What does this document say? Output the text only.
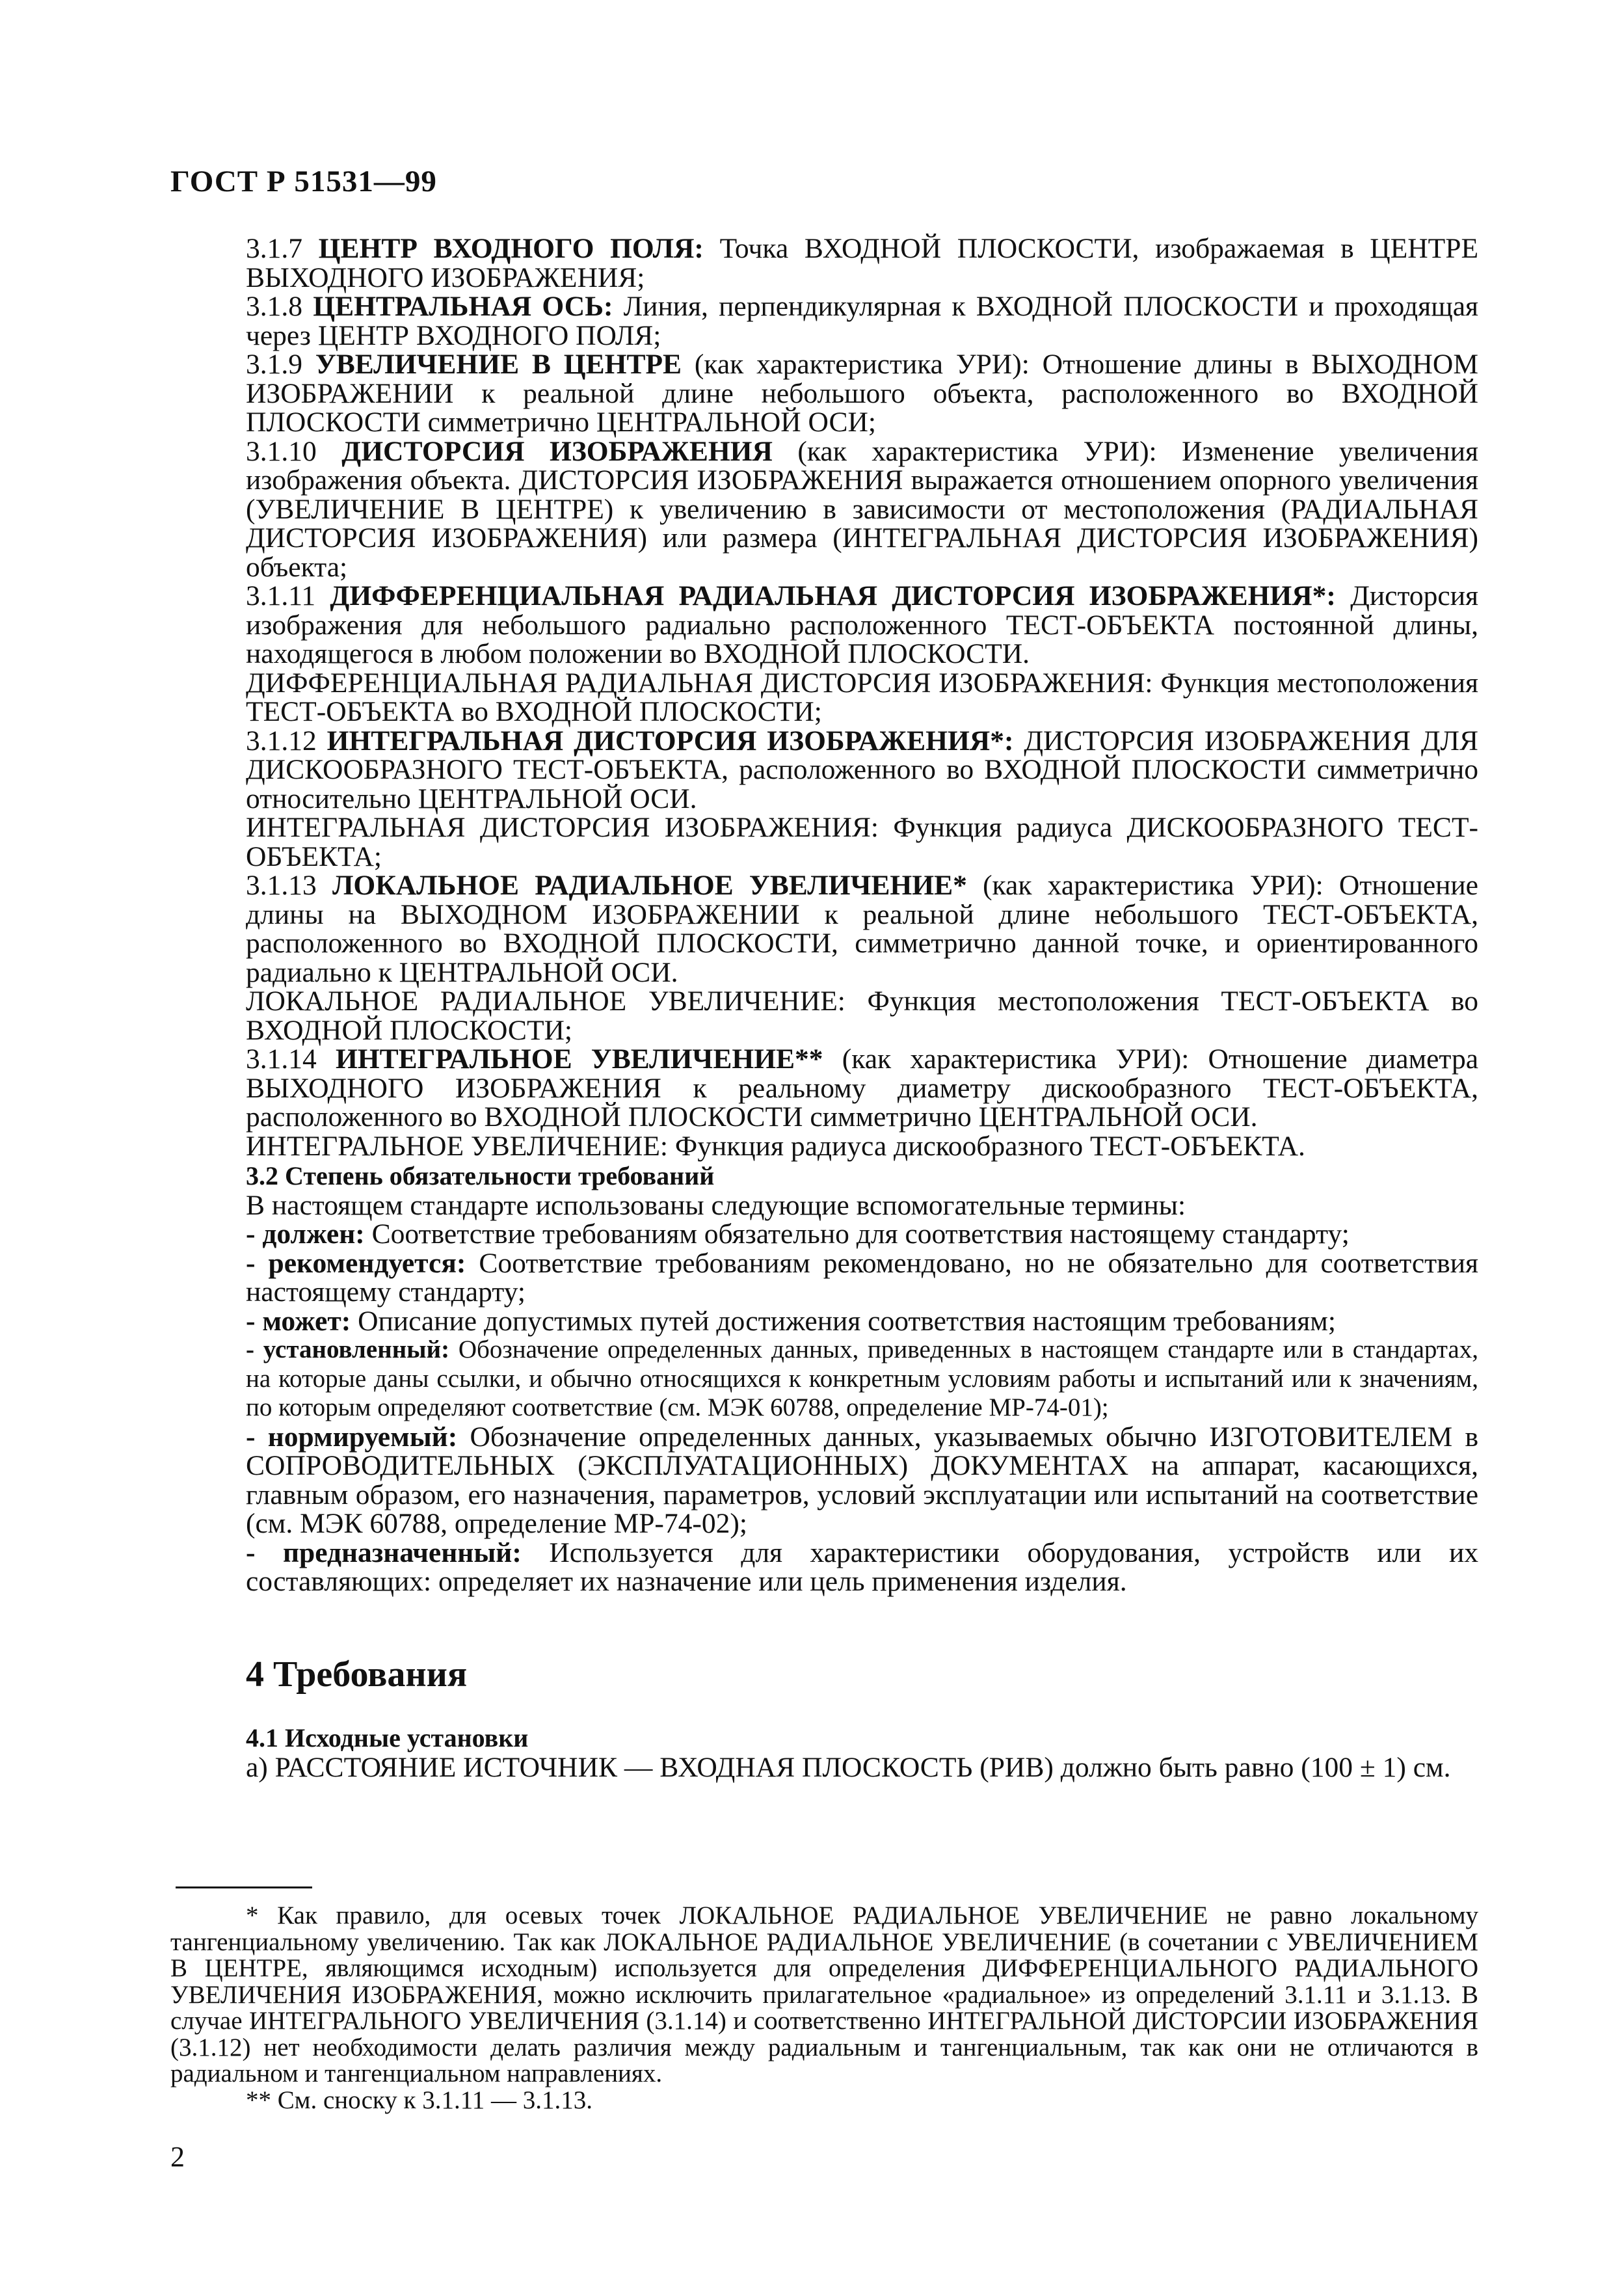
ГОСТ Р 51531—99

3.1.7 ЦЕНТР ВХОДНОГО ПОЛЯ: Точка ВХОДНОЙ ПЛОСКОСТИ, изображаемая в ЦЕНТРЕ ВЫХОДНОГО ИЗОБРАЖЕНИЯ;

3.1.8 ЦЕНТРАЛЬНАЯ ОСЬ: Линия, перпендикулярная к ВХОДНОЙ ПЛОСКОСТИ и проходящая через ЦЕНТР ВХОДНОГО ПОЛЯ;

3.1.9 УВЕЛИЧЕНИЕ В ЦЕНТРЕ (как характеристика УРИ): Отношение длины в ВЫХОДНОМ ИЗОБРАЖЕНИИ к реальной длине небольшого объекта, расположенного во ВХОДНОЙ ПЛОСКОСТИ симметрично ЦЕНТРАЛЬНОЙ ОСИ;

3.1.10 ДИСТОРСИЯ ИЗОБРАЖЕНИЯ (как характеристика УРИ): Изменение увеличения изображения объекта. ДИСТОРСИЯ ИЗОБРАЖЕНИЯ выражается отношением опорного увеличения (УВЕЛИЧЕНИЕ В ЦЕНТРЕ) к увеличению в зависимости от местоположения (РАДИАЛЬНАЯ ДИСТОРСИЯ ИЗОБРАЖЕНИЯ) или размера (ИНТЕГРАЛЬНАЯ ДИСТОРСИЯ ИЗОБРАЖЕНИЯ) объекта;

3.1.11 ДИФФЕРЕНЦИАЛЬНАЯ РАДИАЛЬНАЯ ДИСТОРСИЯ ИЗОБРАЖЕНИЯ*: Дисторсия изображения для небольшого радиально расположенного ТЕСТ-ОБЪЕКТА постоянной длины, находящегося в любом положении во ВХОДНОЙ ПЛОСКОСТИ.

ДИФФЕРЕНЦИАЛЬНАЯ РАДИАЛЬНАЯ ДИСТОРСИЯ ИЗОБРАЖЕНИЯ: Функция местоположения ТЕСТ-ОБЪЕКТА во ВХОДНОЙ ПЛОСКОСТИ;

3.1.12 ИНТЕГРАЛЬНАЯ ДИСТОРСИЯ ИЗОБРАЖЕНИЯ*: ДИСТОРСИЯ ИЗОБРАЖЕНИЯ ДЛЯ ДИСКООБРАЗНОГО ТЕСТ-ОБЪЕКТА, расположенного во ВХОДНОЙ ПЛОСКОСТИ симметрично относительно ЦЕНТРАЛЬНОЙ ОСИ.

ИНТЕГРАЛЬНАЯ ДИСТОРСИЯ ИЗОБРАЖЕНИЯ: Функция радиуса ДИСКООБРАЗНОГО ТЕСТ-ОБЪЕКТА;

3.1.13 ЛОКАЛЬНОЕ РАДИАЛЬНОЕ УВЕЛИЧЕНИЕ* (как характеристика УРИ): Отношение длины на ВЫХОДНОМ ИЗОБРАЖЕНИИ к реальной длине небольшого ТЕСТ-ОБЪЕКТА, расположенного во ВХОДНОЙ ПЛОСКОСТИ, симметрично данной точке, и ориентированного радиально к ЦЕНТРАЛЬНОЙ ОСИ.

ЛОКАЛЬНОЕ РАДИАЛЬНОЕ УВЕЛИЧЕНИЕ: Функция местоположения ТЕСТ-ОБЪЕКТА во ВХОДНОЙ ПЛОСКОСТИ;

3.1.14 ИНТЕГРАЛЬНОЕ УВЕЛИЧЕНИЕ** (как характеристика УРИ): Отношение диаметра ВЫХОДНОГО ИЗОБРАЖЕНИЯ к реальному диаметру дискообразного ТЕСТ-ОБЪЕКТА, расположенного во ВХОДНОЙ ПЛОСКОСТИ симметрично ЦЕНТРАЛЬНОЙ ОСИ.

ИНТЕГРАЛЬНОЕ УВЕЛИЧЕНИЕ: Функция радиуса дискообразного ТЕСТ-ОБЪЕКТА.

3.2 Степень обязательности требований

В настоящем стандарте использованы следующие вспомогательные термины:

- должен: Соответствие требованиям обязательно для соответствия настоящему стандарту;

- рекомендуется: Соответствие требованиям рекомендовано, но не обязательно для соответствия настоящему стандарту;

- может: Описание допустимых путей достижения соответствия настоящим требованиям;

- установленный: Обозначение определенных данных, приведенных в настоящем стандарте или в стандартах, на которые даны ссылки, и обычно относящихся к конкретным условиям работы и испытаний или к значениям, по которым определяют соответствие (см. МЭК 60788, определение MP-74-01);

- нормируемый: Обозначение определенных данных, указываемых обычно ИЗГОТОВИТЕЛЕМ в СОПРОВОДИТЕЛЬНЫХ (ЭКСПЛУАТАЦИОННЫХ) ДОКУМЕНТАХ на аппарат, касающихся, главным образом, его назначения, параметров, условий эксплуатации или испытаний на соответствие (см. МЭК 60788, определение MP-74-02);

- предназначенный: Используется для характеристики оборудования, устройств или их составляющих: определяет их назначение или цель применения изделия.

4 Требования

4.1 Исходные установки

а) РАССТОЯНИЕ ИСТОЧНИК — ВХОДНАЯ ПЛОСКОСТЬ (РИВ) должно быть равно (100 ± 1) см.

* Как правило, для осевых точек ЛОКАЛЬНОЕ РАДИАЛЬНОЕ УВЕЛИЧЕНИЕ не равно локальному тангенциальному увеличению. Так как ЛОКАЛЬНОЕ РАДИАЛЬНОЕ УВЕЛИЧЕНИЕ (в сочетании с УВЕЛИЧЕНИЕМ В ЦЕНТРЕ, являющимся исходным) используется для определения ДИФФЕРЕНЦИАЛЬНОГО РАДИАЛЬНОГО УВЕЛИЧЕНИЯ ИЗОБРАЖЕНИЯ, можно исключить прилагательное «радиальное» из определений 3.1.11 и 3.1.13. В случае ИНТЕГРАЛЬНОГО УВЕЛИЧЕНИЯ (3.1.14) и соответственно ИНТЕГРАЛЬНОЙ ДИСТОРСИИ ИЗОБРАЖЕНИЯ (3.1.12) нет необходимости делать различия между радиальным и тангенциальным, так как они не отличаются в радиальном и тангенциальном направлениях.

** См. сноску к 3.1.11 — 3.1.13.

2
